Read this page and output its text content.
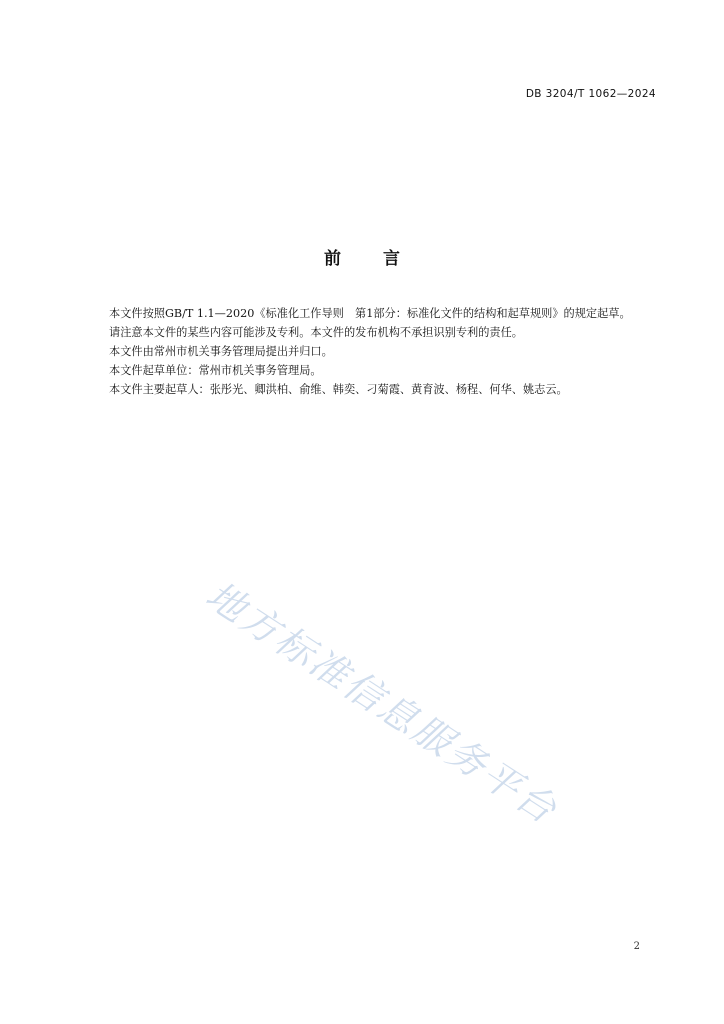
DB 3204/T 1062—2024
前 言

本文件按照GB/T 1.1—2020《标准化工作导则　第1部分：标准化文件的结构和起草规则》的规定起草。

请注意本文件的某些内容可能涉及专利。本文件的发布机构不承担识别专利的责任。

本文件由常州市机关事务管理局提出并归口。

本文件起草单位：常州市机关事务管理局。

本文件主要起草人：张彤光、卿洪柏、俞维、韩奕、刁菊霞、黄育波、杨程、何华、姚志云。

地方标准信息服务平台
2
